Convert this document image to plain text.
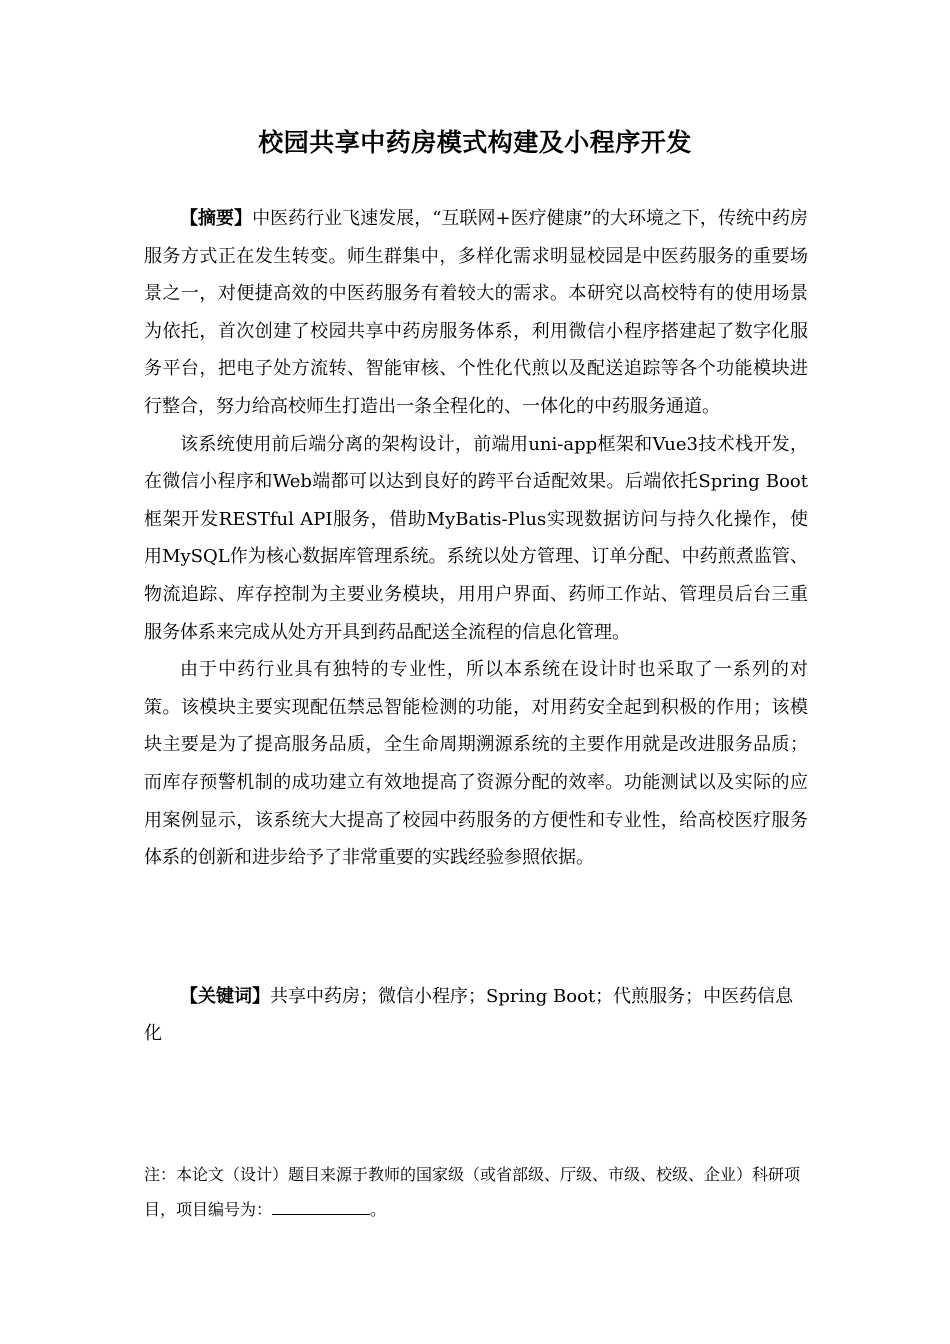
校园共享中药房模式构建及小程序开发

【摘要】中医药行业飞速发展，“互联网+医疗健康”的大环境之下，传统中药房服务方式正在发生转变。师生群集中，多样化需求明显校园是中医药服务的重要场景之一，对便捷高效的中医药服务有着较大的需求。本研究以高校特有的使用场景为依托，首次创建了校园共享中药房服务体系，利用微信小程序搭建起了数字化服务平台，把电子处方流转、智能审核、个性化代煎以及配送追踪等各个功能模块进行整合，努力给高校师生打造出一条全程化的、一体化的中药服务通道。

该系统使用前后端分离的架构设计，前端用uni-app框架和Vue3技术栈开发，在微信小程序和Web端都可以达到良好的跨平台适配效果。后端依托Spring Boot框架开发RESTful API服务，借助MyBatis-Plus实现数据访问与持久化操作，使用MySQL作为核心数据库管理系统。系统以处方管理、订单分配、中药煎煮监管、物流追踪、库存控制为主要业务模块，用用户界面、药师工作站、管理员后台三重服务体系来完成从处方开具到药品配送全流程的信息化管理。

由于中药行业具有独特的专业性，所以本系统在设计时也采取了一系列的对策。该模块主要实现配伍禁忌智能检测的功能，对用药安全起到积极的作用；该模块主要是为了提高服务品质，全生命周期溯源系统的主要作用就是改进服务品质；而库存预警机制的成功建立有效地提高了资源分配的效率。功能测试以及实际的应用案例显示，该系统大大提高了校园中药服务的方便性和专业性，给高校医疗服务体系的创新和进步给予了非常重要的实践经验参照依据。

【关键词】共享中药房；微信小程序；Spring Boot；代煎服务；中医药信息化

注：本论文（设计）题目来源于教师的国家级（或省部级、厅级、市级、校级、企业）科研项目，项目编号为：	。
